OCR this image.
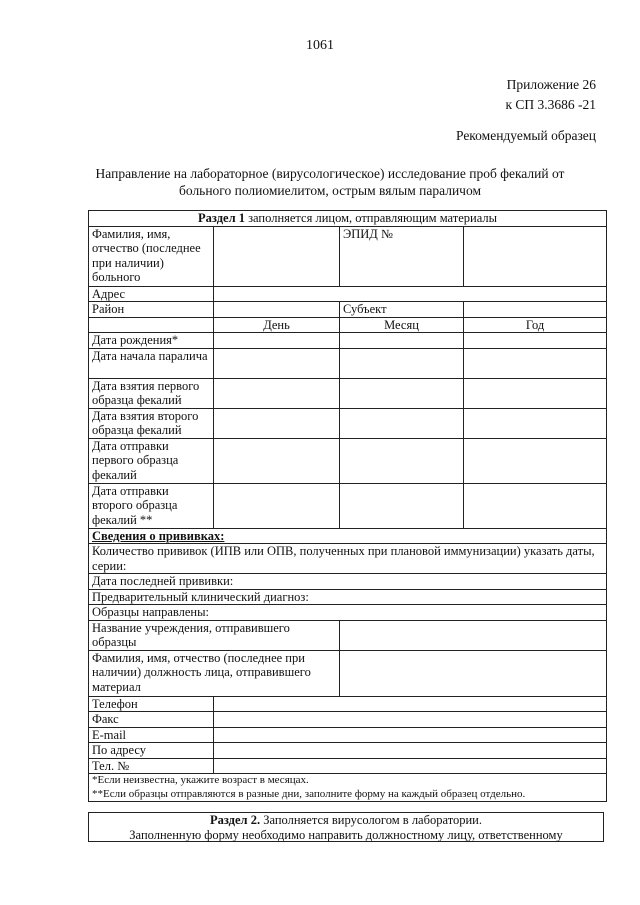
1061
Приложение 26
к СП 3.3686 -21
Рекомендуемый образец
Направление на лабораторное (вирусологическое) исследование проб фекалий от
больного полиомиелитом, острым вялым параличом
Раздел 1 заполняется лицом, отправляющим материалы			
Фамилия, имя, отчество (последнее при наличии) больного		ЭПИД №	
Адрес			
Район		Субъект	
	День	Месяц	Год
Дата рождения*			
Дата начала паралича			
Дата взятия первого образца фекалий			
Дата взятия второго образца фекалий			
Дата отправки первого образца фекалий			
Дата отправки второго образца фекалий **			
Сведения о прививках:			
Количество прививок (ИПВ или ОПВ, полученных при плановой иммунизации) указать даты, серии:			
Дата последней прививки:			
Предварительный клинический диагноз:			
Образцы направлены:			
Название учреждения, отправившего образцы			
Фамилия, имя, отчество (последнее при наличии) должность лица, отправившего материал			
Телефон			
Факс			
E-mail			
По адресу			
Тел. №			

*Если неизвестна, укажите возраст в месяцах.
**Если образцы отправляются в разные дни, заполните форму на каждый образец отдельно.			
Раздел 2. Заполняется вирусологом в лаборатории.
Заполненную форму необходимо направить должностному лицу, ответственному
